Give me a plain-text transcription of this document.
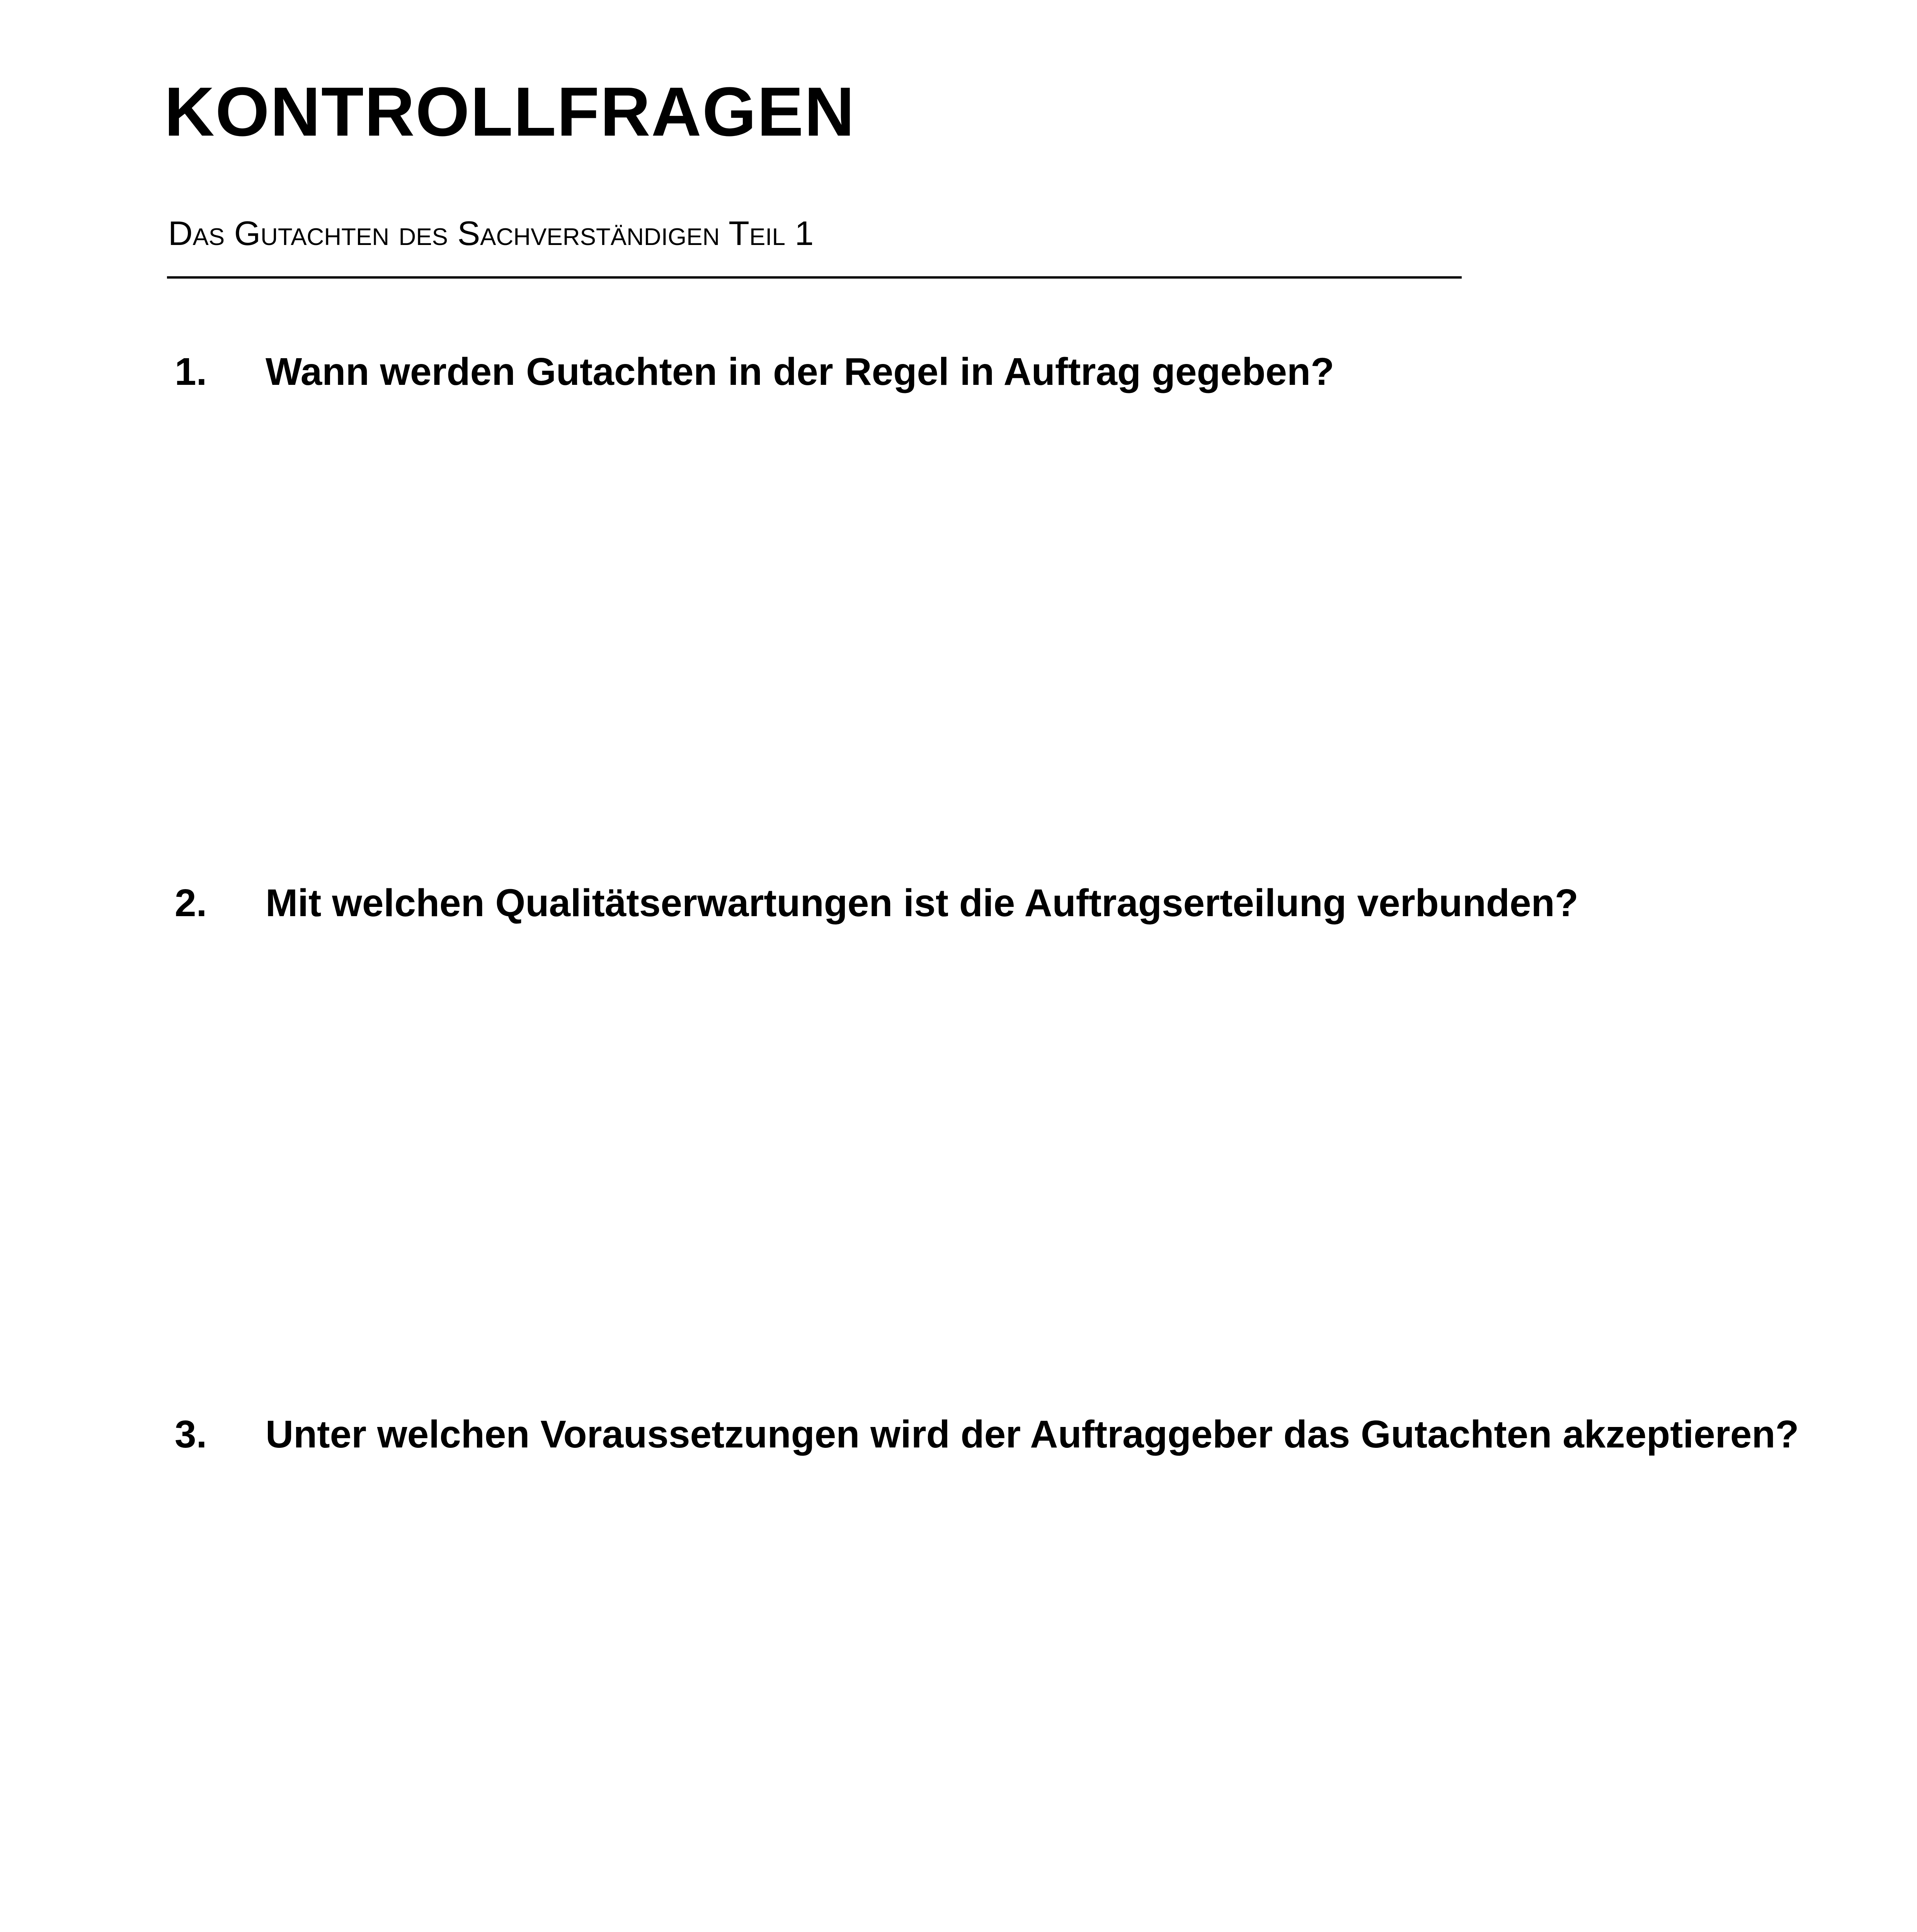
KONTROLLFRAGEN

Das Gutachten des Sachverständigen Teil 1

1. Wann werden Gutachten in der Regel in Auftrag gegeben?

2. Mit welchen Qualitätserwartungen ist die Auftragserteilung verbunden?

3. Unter welchen Voraussetzungen wird der Auftraggeber das Gutachten akzeptieren?
